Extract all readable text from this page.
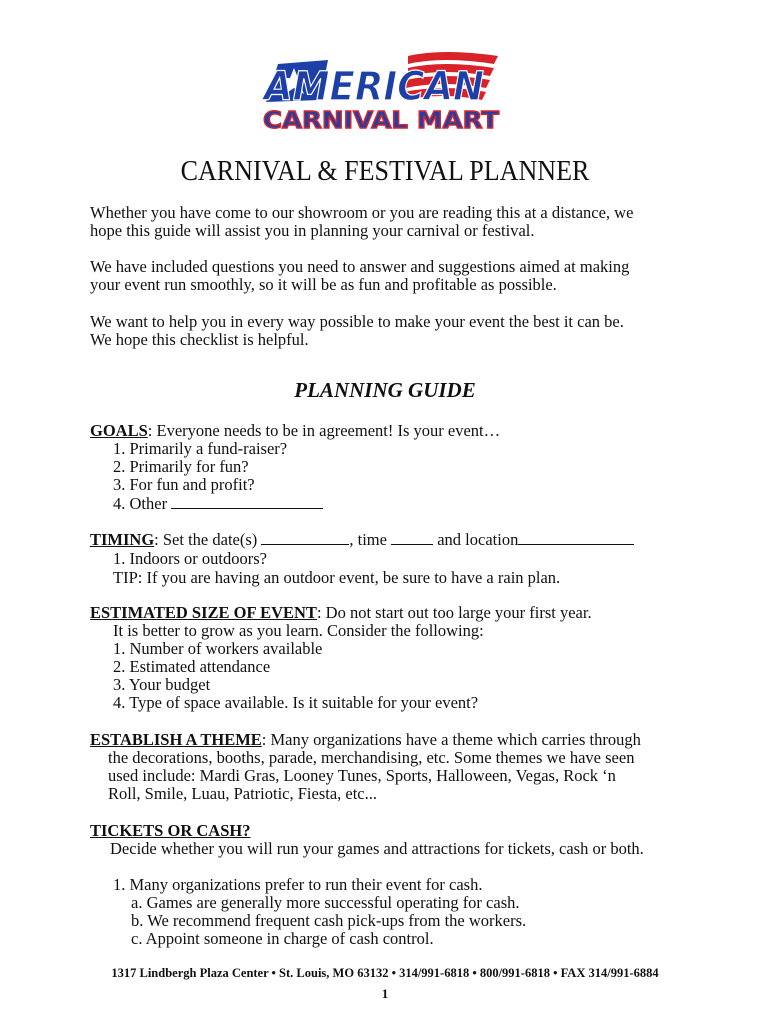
AMERICAN
CARNIVAL MART
CARNIVAL & FESTIVAL PLANNER

Whether you have come to our showroom or you are reading this at a distance, we
hope this guide will assist you in planning your carnival or festival.

We have included questions you need to answer and suggestions aimed at making
your event run smoothly, so it will be as fun and profitable as possible.

We want to help you in every way possible to make your event the best it can be.
We hope this checklist is helpful.

PLANNING GUIDE
GOALS: Everyone needs to be in agreement! Is your event…
1. Primarily a fund-raiser?
2. Primarily for fun?
3. For fun and profit?
4. Other
TIMING: Set the date(s)	, time	and location
1. Indoors or outdoors?
TIP: If you are having an outdoor event, be sure to have a rain plan.
ESTIMATED SIZE OF EVENT: Do not start out too large your first year.
It is better to grow as you learn. Consider the following:
1. Number of workers available
2. Estimated attendance
3. Your budget
4. Type of space available. Is it suitable for your event?
ESTABLISH A THEME: Many organizations have a theme which carries through
the decorations, booths, parade, merchandising, etc. Some themes we have seen
used include: Mardi Gras, Looney Tunes, Sports, Halloween, Vegas, Rock ‘n
Roll, Smile, Luau, Patriotic, Fiesta, etc...
TICKETS OR CASH?
Decide whether you will run your games and attractions for tickets, cash or both.
1. Many organizations prefer to run their event for cash.
a. Games are generally more successful operating for cash.
b. We recommend frequent cash pick-ups from the workers.
c. Appoint someone in charge of cash control.
1317 Lindbergh Plaza Center • St. Louis, MO 63132 • 314/991-6818 • 800/991-6818 • FAX 314/991-6884
1
